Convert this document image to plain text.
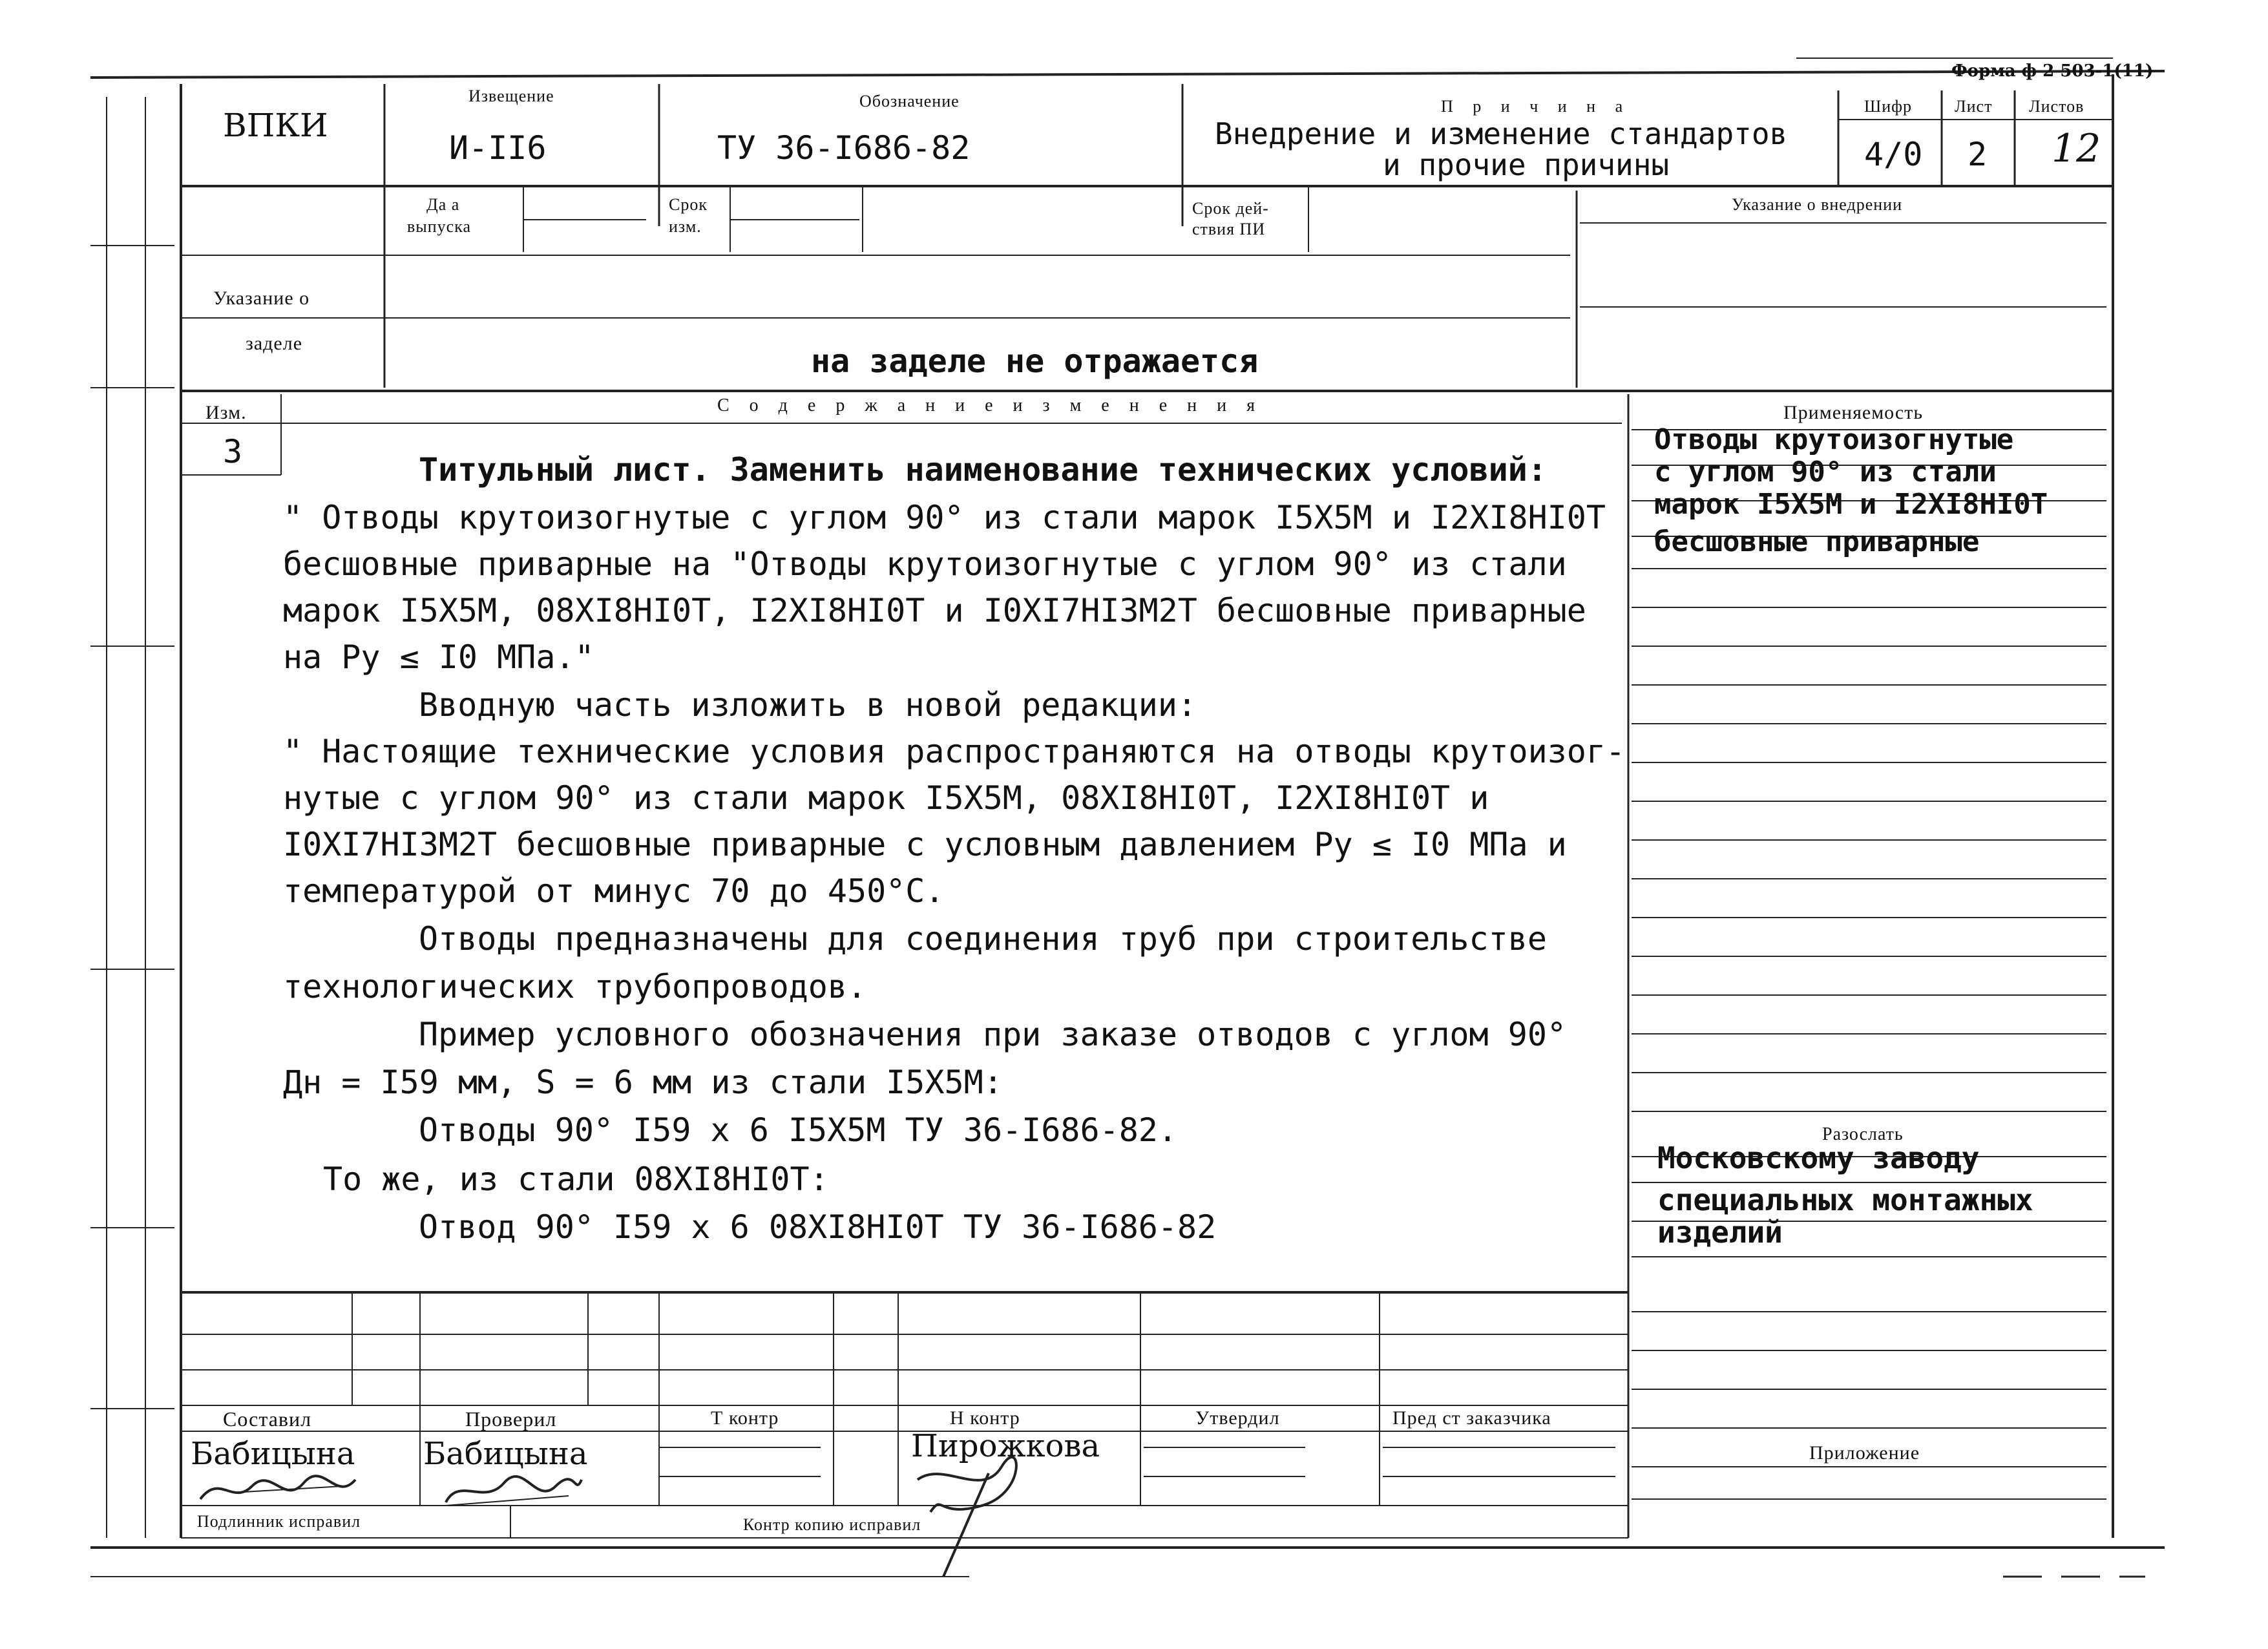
Форма ф 2 503-1(11)
ВПКИ
Извещение
И-II6
Обозначение
ТУ 36-I686-82
П р и ч и н а
Внедрение и изменение стандартов
и прочие причины
Шифр
4/0
Лист
2
Листов
12
Да а
выпуска
Срок
изм.
Срок дей-
ствия ПИ
Указание о внедрении
Указание о
заделе	на заделе не отражается
Изм.
3
С о д е р ж а н и е и з м е н е н и я
Титульный лист. Заменить наименование технических условий:
" Отводы крутоизогнутые с углом 90° из стали марок I5X5M и I2XI8HI0T
бесшовные приварные на "Отводы крутоизогнутые с углом 90° из стали
марок I5X5M, 08XI8HI0T, I2XI8HI0T и I0XI7HI3M2T бесшовные приварные
на Ру ≤ I0 МПа."
Вводную часть изложить в новой редакции:
" Настоящие технические условия распространяются на отводы крутоизог-
нутые с углом 90° из стали марок I5X5M, 08XI8HI0T, I2XI8HI0T и
I0XI7HI3M2T бесшовные приварные с условным давлением Ру ≤ I0 МПа и
температурой от минус 70 до 450°С.
Отводы предназначены для соединения труб при строительстве
технологических трубопроводов.
Пример условного обозначения при заказе отводов с углом 90°
Дн = I59 мм, S = 6 мм из стали I5X5M:
Отводы 90° I59 x 6 I5X5M ТУ 36-I686-82.
То же, из стали 08XI8HI0T:
Отвод 90° I59 x 6 08XI8HI0T ТУ 36-I686-82
Применяемость
Отводы крутоизогнутые
с углом 90° из стали
марок I5X5M и I2XI8HI0T
бесшовные приварные
Разослать
Московскому заводу
специальных монтажных
изделий
Составил
Бабицына
Проверил
Бабицына
Т контр	Н контр
Пирожкова
Утвердил	Пред ст заказчика
Приложение
Подлинник исправил	Контр копию исправил
